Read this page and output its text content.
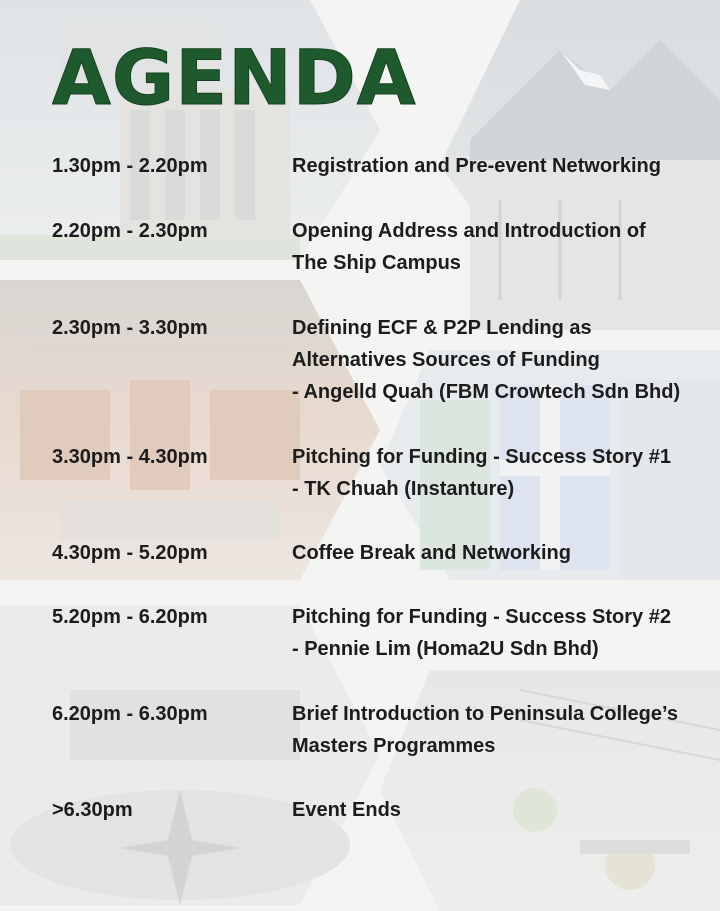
AGENDA
1.30pm - 2.20pm	Registration and Pre-event Networking
2.20pm - 2.30pm	Opening Address and Introduction of
The Ship Campus
2.30pm - 3.30pm	Defining ECF & P2P Lending as
Alternatives Sources of Funding
- Angelld Quah (FBM Crowtech Sdn Bhd)
3.30pm - 4.30pm	Pitching for Funding - Success Story #1
- TK Chuah (Instanture)
4.30pm - 5.20pm	Coffee Break and Networking
5.20pm - 6.20pm	Pitching for Funding - Success Story #2
- Pennie Lim (Homa2U Sdn Bhd)
6.20pm - 6.30pm	Brief Introduction to Peninsula College’s
Masters Programmes
>6.30pm	Event Ends
